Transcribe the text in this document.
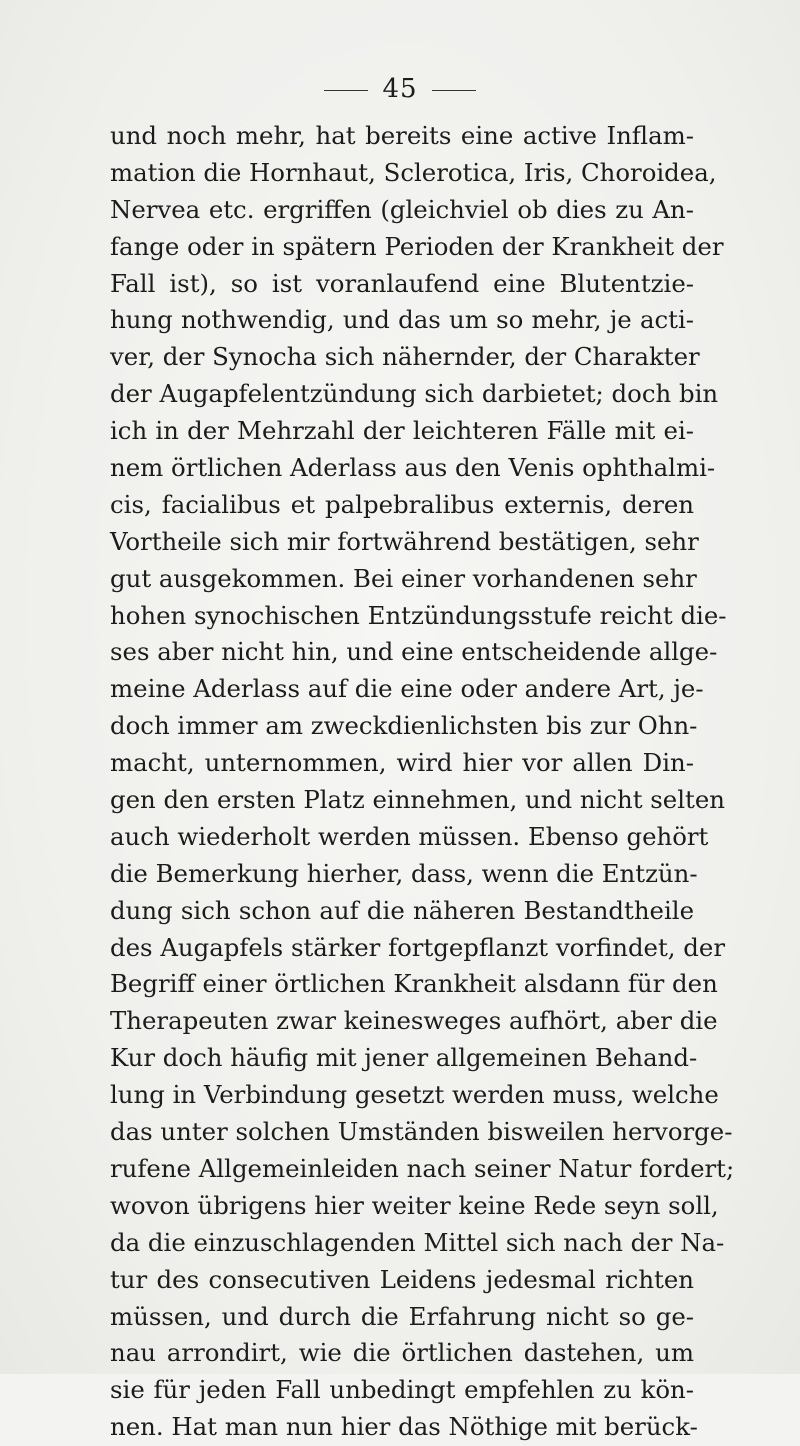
45
und noch mehr, hat bereits eine active Inflam-
mation die Hornhaut, Sclerotica, Iris, Choroidea,
Nervea etc. ergriffen (gleichviel ob dies zu An-
fange oder in spätern Perioden der Krankheit der
Fall ist), so ist voranlaufend eine Blutentzie-
hung nothwendig, und das um so mehr, je acti-
ver, der Synocha sich nähernder, der Charakter
der Augapfelentzündung sich darbietet; doch bin
ich in der Mehrzahl der leichteren Fälle mit ei-
nem örtlichen Aderlass aus den Venis ophthalmi-
cis, facialibus et palpebralibus externis, deren
Vortheile sich mir fortwährend bestätigen, sehr
gut ausgekommen. Bei einer vorhandenen sehr
hohen synochischen Entzündungsstufe reicht die-
ses aber nicht hin, und eine entscheidende allge-
meine Aderlass auf die eine oder andere Art, je-
doch immer am zweckdienlichsten bis zur Ohn-
macht, unternommen, wird hier vor allen Din-
gen den ersten Platz einnehmen, und nicht selten
auch wiederholt werden müssen. Ebenso gehört
die Bemerkung hierher, dass, wenn die Entzün-
dung sich schon auf die näheren Bestandtheile
des Augapfels stärker fortgepflanzt vorfindet, der
Begriff einer örtlichen Krankheit alsdann für den
Therapeuten zwar keinesweges aufhört, aber die
Kur doch häufig mit jener allgemeinen Behand-
lung in Verbindung gesetzt werden muss, welche
das unter solchen Umständen bisweilen hervorge-
rufene Allgemeinleiden nach seiner Natur fordert;
wovon übrigens hier weiter keine Rede seyn soll,
da die einzuschlagenden Mittel sich nach der Na-
tur des consecutiven Leidens jedesmal richten
müssen, und durch die Erfahrung nicht so ge-
nau arrondirt, wie die örtlichen dastehen, um
sie für jeden Fall unbedingt empfehlen zu kön-
nen. Hat man nun hier das Nöthige mit berück-
